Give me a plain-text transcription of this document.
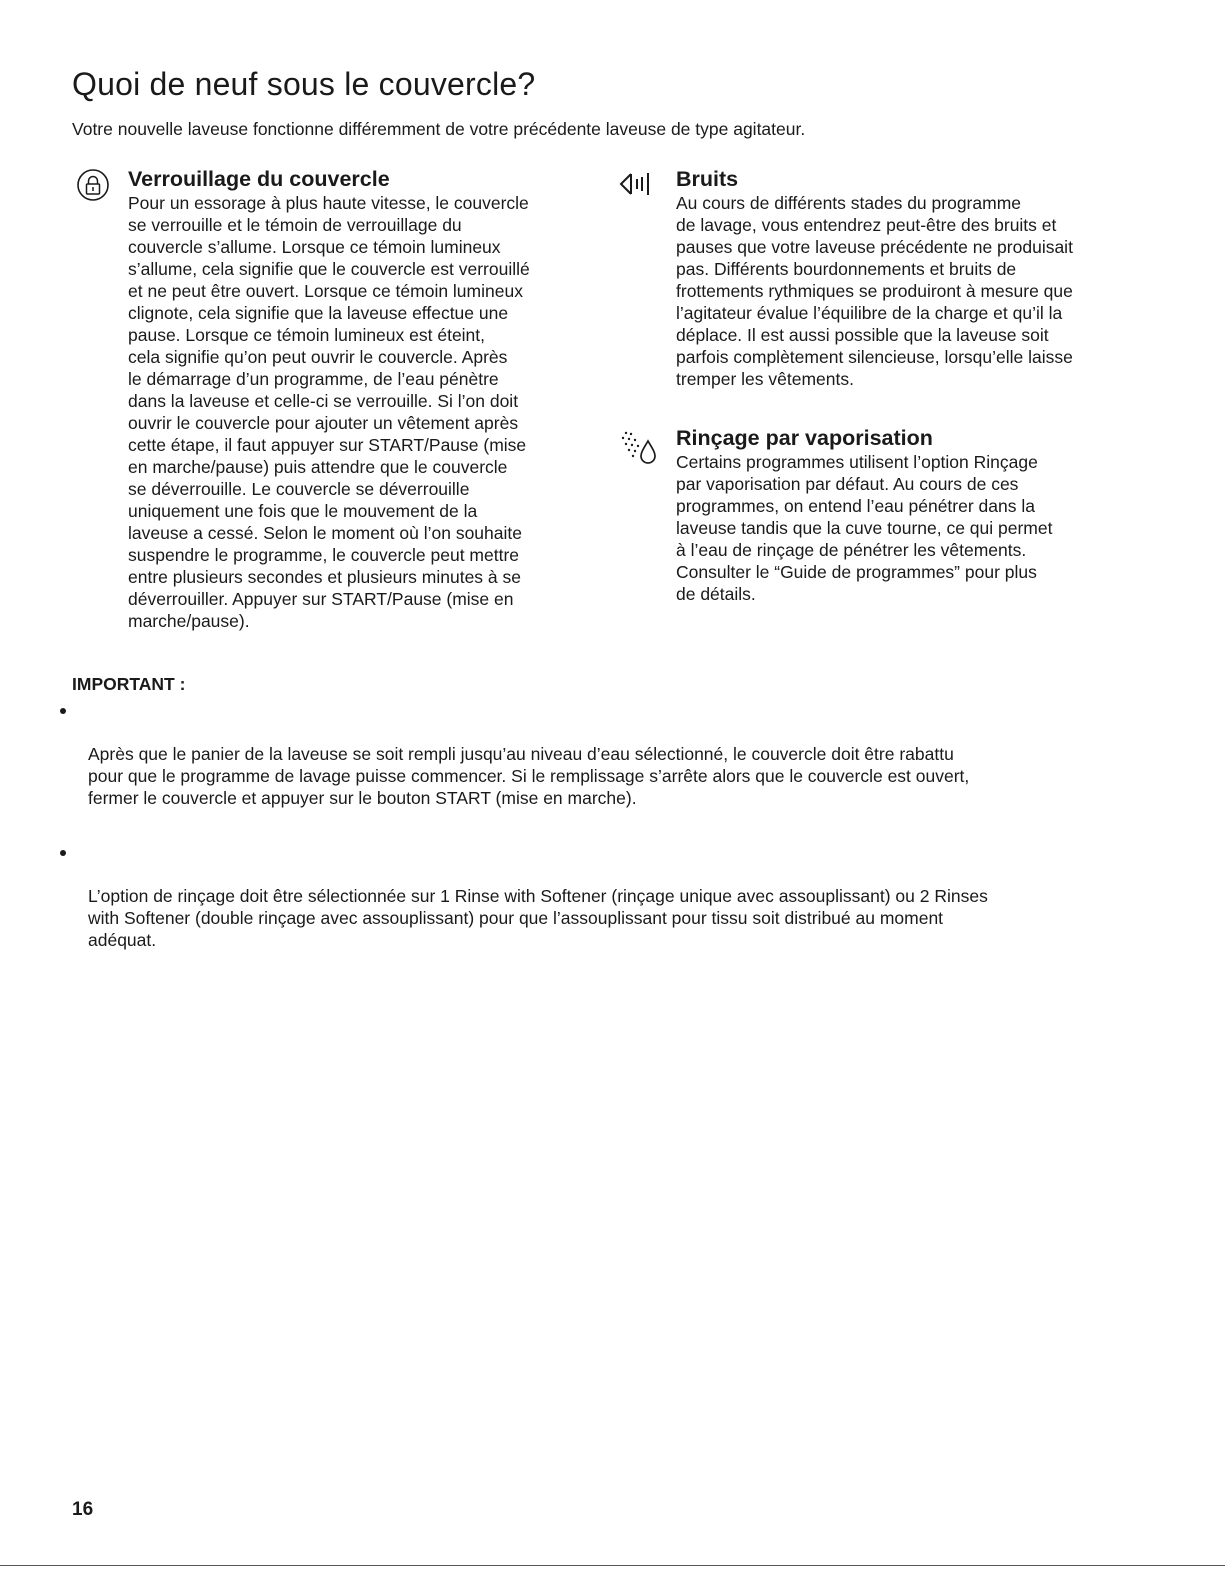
Quoi de neuf sous le couvercle?

Votre nouvelle laveuse fonctionne différemment de votre précédente laveuse de type agitateur.

Verrouillage du couvercle

Pour un essorage à plus haute vitesse, le couvercle
se verrouille et le témoin de verrouillage du
couvercle s’allume. Lorsque ce témoin lumineux
s’allume, cela signifie que le couvercle est verrouillé
et ne peut être ouvert. Lorsque ce témoin lumineux
clignote, cela signifie que la laveuse effectue une
pause. Lorsque ce témoin lumineux est éteint,
cela signifie qu’on peut ouvrir le couvercle. Après
le démarrage d’un programme, de l’eau pénètre
dans la laveuse et celle-ci se verrouille. Si l’on doit
ouvrir le couvercle pour ajouter un vêtement après
cette étape, il faut appuyer sur START/Pause (mise
en marche/pause) puis attendre que le couvercle
se déverrouille. Le couvercle se déverrouille
uniquement une fois que le mouvement de la
laveuse a cessé. Selon le moment où l’on souhaite
suspendre le programme, le couvercle peut mettre
entre plusieurs secondes et plusieurs minutes à se
déverrouiller. Appuyer sur START/Pause (mise en
marche/pause).

Bruits

Au cours de différents stades du programme
de lavage, vous entendrez peut-être des bruits et
pauses que votre laveuse précédente ne produisait
pas. Différents bourdonnements et bruits de
frottements rythmiques se produiront à mesure que
l’agitateur évalue l’équilibre de la charge et qu’il la
déplace. Il est aussi possible que la laveuse soit
parfois complètement silencieuse, lorsqu’elle laisse
tremper les vêtements.

Rinçage par vaporisation

Certains programmes utilisent l’option Rinçage
par vaporisation par défaut. Au cours de ces
programmes, on entend l’eau pénétrer dans la
laveuse tandis que la cuve tourne, ce qui permet
à l’eau de rinçage de pénétrer les vêtements.
Consulter le “Guide de programmes” pour plus
de détails.

IMPORTANT :

Après que le panier de la laveuse se soit rempli jusqu’au niveau d’eau sélectionné, le couvercle doit être rabattu
pour que le programme de lavage puisse commencer. Si le remplissage s’arrête alors que le couvercle est ouvert,
fermer le couvercle et appuyer sur le bouton START (mise en marche).

L’option de rinçage doit être sélectionnée sur 1 Rinse with Softener (rinçage unique avec assouplissant) ou 2 Rinses
with Softener (double rinçage avec assouplissant) pour que l’assouplissant pour tissu soit distribué au moment
adéquat.

16
